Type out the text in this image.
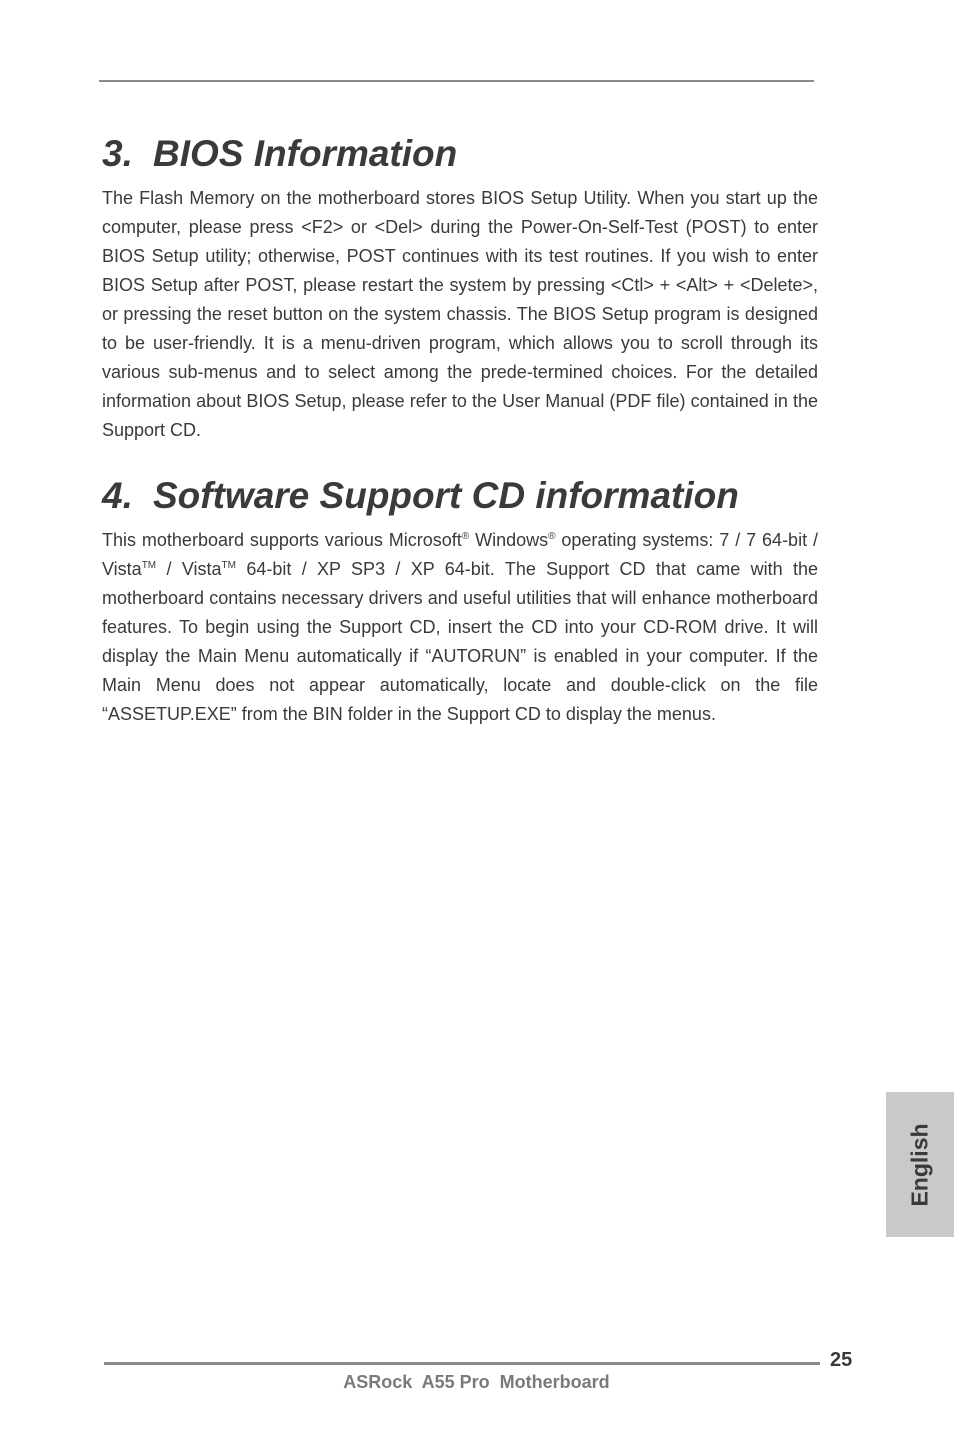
3. BIOS Information

The Flash Memory on the motherboard stores BIOS Setup Utility. When you start up the computer, please press <F2> or <Del> during the Power-On-Self-Test (POST) to enter BIOS Setup utility; otherwise, POST continues with its test routines. If you wish to enter BIOS Setup after POST, please restart the system by pressing <Ctl> + <Alt> + <Delete>, or pressing the reset button on the system chassis. The BIOS Setup program is designed to be user-friendly. It is a menu-driven program, which allows you to scroll through its various sub-menus and to select among the prede-termined choices. For the detailed information about BIOS Setup, please refer to the User Manual (PDF file) contained in the Support CD.

4. Software Support CD information

This motherboard supports various Microsoft® Windows® operating systems: 7 / 7 64-bit / Vista™ / Vista™ 64-bit / XP SP3 / XP 64-bit. The Support CD that came with the motherboard contains necessary drivers and useful utilities that will enhance motherboard features. To begin using the Support CD, insert the CD into your CD-ROM drive. It will display the Main Menu automatically if “AUTORUN” is enabled in your computer. If the Main Menu does not appear automatically, locate and double-click on the file “ASSETUP.EXE” from the BIN folder in the Support CD to display the menus.

English
25
ASRock  A55 Pro  Motherboard
